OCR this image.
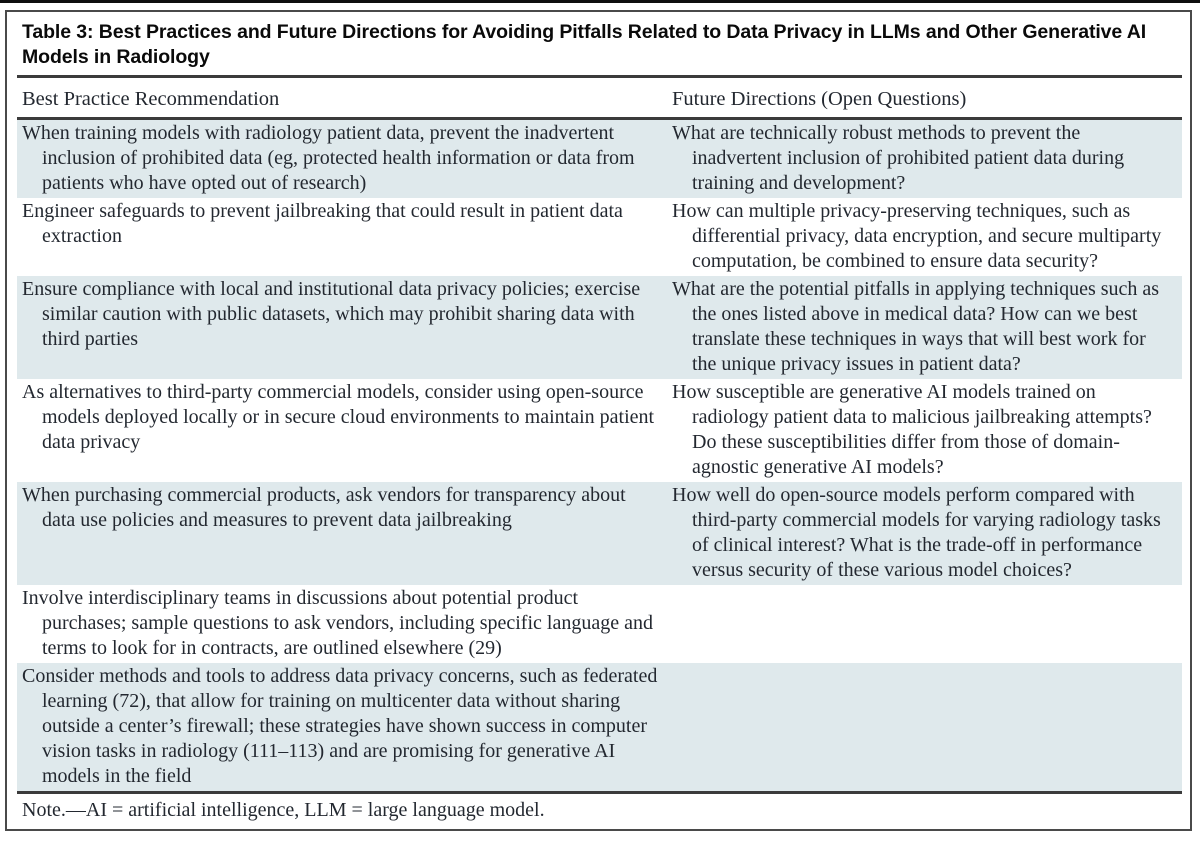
Table 3: Best Practices and Future Directions for Avoiding Pitfalls Related to Data Privacy in LLMs and Other Generative AI Models in Radiology
Best Practice Recommendation	Future Directions (Open Questions)

When training models with radiology patient data, prevent the inadvertent inclusion of prohibited data (eg, protected health information or data from patients who have opted out of research)

What are technically robust methods to prevent the inadvertent inclusion of prohibited patient data during training and development?

Engineer safeguards to prevent jailbreaking that could result in patient data extraction

How can multiple privacy-preserving techniques, such as differential privacy, data encryption, and secure multiparty computation, be combined to ensure data security?

Ensure compliance with local and institutional data privacy policies; exercise similar caution with public datasets, which may prohibit sharing data with third parties

What are the potential pitfalls in applying techniques such as the ones listed above in medical data? How can we best translate these techniques in ways that will best work for the unique privacy issues in patient data?

As alternatives to third-party commercial models, consider using open-source models deployed locally or in secure cloud environments to maintain patient data privacy

How susceptible are generative AI models trained on radiology patient data to malicious jailbreaking attempts? Do these susceptibilities differ from those of domain-agnostic generative AI models?

When purchasing commercial products, ask vendors for transparency about data use policies and measures to prevent data jailbreaking

How well do open-source models perform compared with third-party commercial models for varying radiology tasks of clinical interest? What is the trade-off in performance versus security of these various model choices?

Involve interdisciplinary teams in discussions about potential product purchases; sample questions to ask vendors, including specific language and terms to look for in contracts, are outlined elsewhere (29)

Consider methods and tools to address data privacy concerns, such as federated learning (72), that allow for training on multicenter data without sharing outside a center’s firewall; these strategies have shown success in computer vision tasks in radiology (111–113) and are promising for generative AI models in the field

Note.—AI = artificial intelligence, LLM = large language model.
